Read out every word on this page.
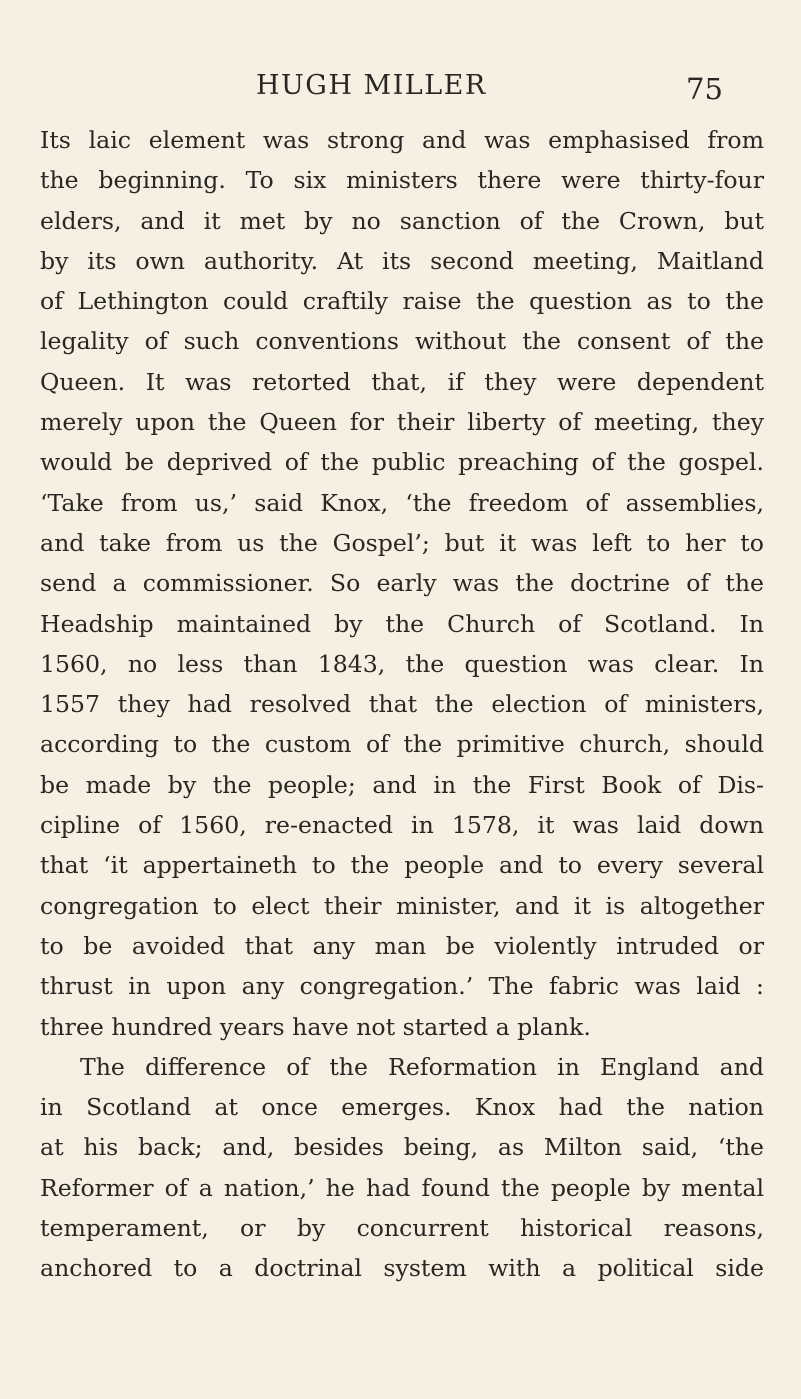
HUGH MILLER	75
Its laic element was strong and was emphasised from
the beginning. To six ministers there were thirty-four
elders, and it met by no sanction of the Crown, but
by its own authority. At its second meeting, Maitland
of Lethington could craftily raise the question as to the
legality of such conventions without the consent of the
Queen. It was retorted that, if they were dependent
merely upon the Queen for their liberty of meeting, they
would be deprived of the public preaching of the gospel.
‘Take from us,’ said Knox, ‘the freedom of assemblies,
and take from us the Gospel’; but it was left to her to
send a commissioner. So early was the doctrine of the
Headship maintained by the Church of Scotland. In
1560, no less than 1843, the question was clear. In
1557 they had resolved that the election of ministers,
according to the custom of the primitive church, should
be made by the people; and in the First Book of Dis-
cipline of 1560, re-enacted in 1578, it was laid down
that ‘it appertaineth to the people and to every several
congregation to elect their minister, and it is altogether
to be avoided that any man be violently intruded or
thrust in upon any congregation.’ The fabric was laid :
three hundred years have not started a plank.
The difference of the Reformation in England and
in Scotland at once emerges. Knox had the nation
at his back; and, besides being, as Milton said, ‘the
Reformer of a nation,’ he had found the people by mental
temperament, or by concurrent historical reasons,
anchored to a doctrinal system with a political side
